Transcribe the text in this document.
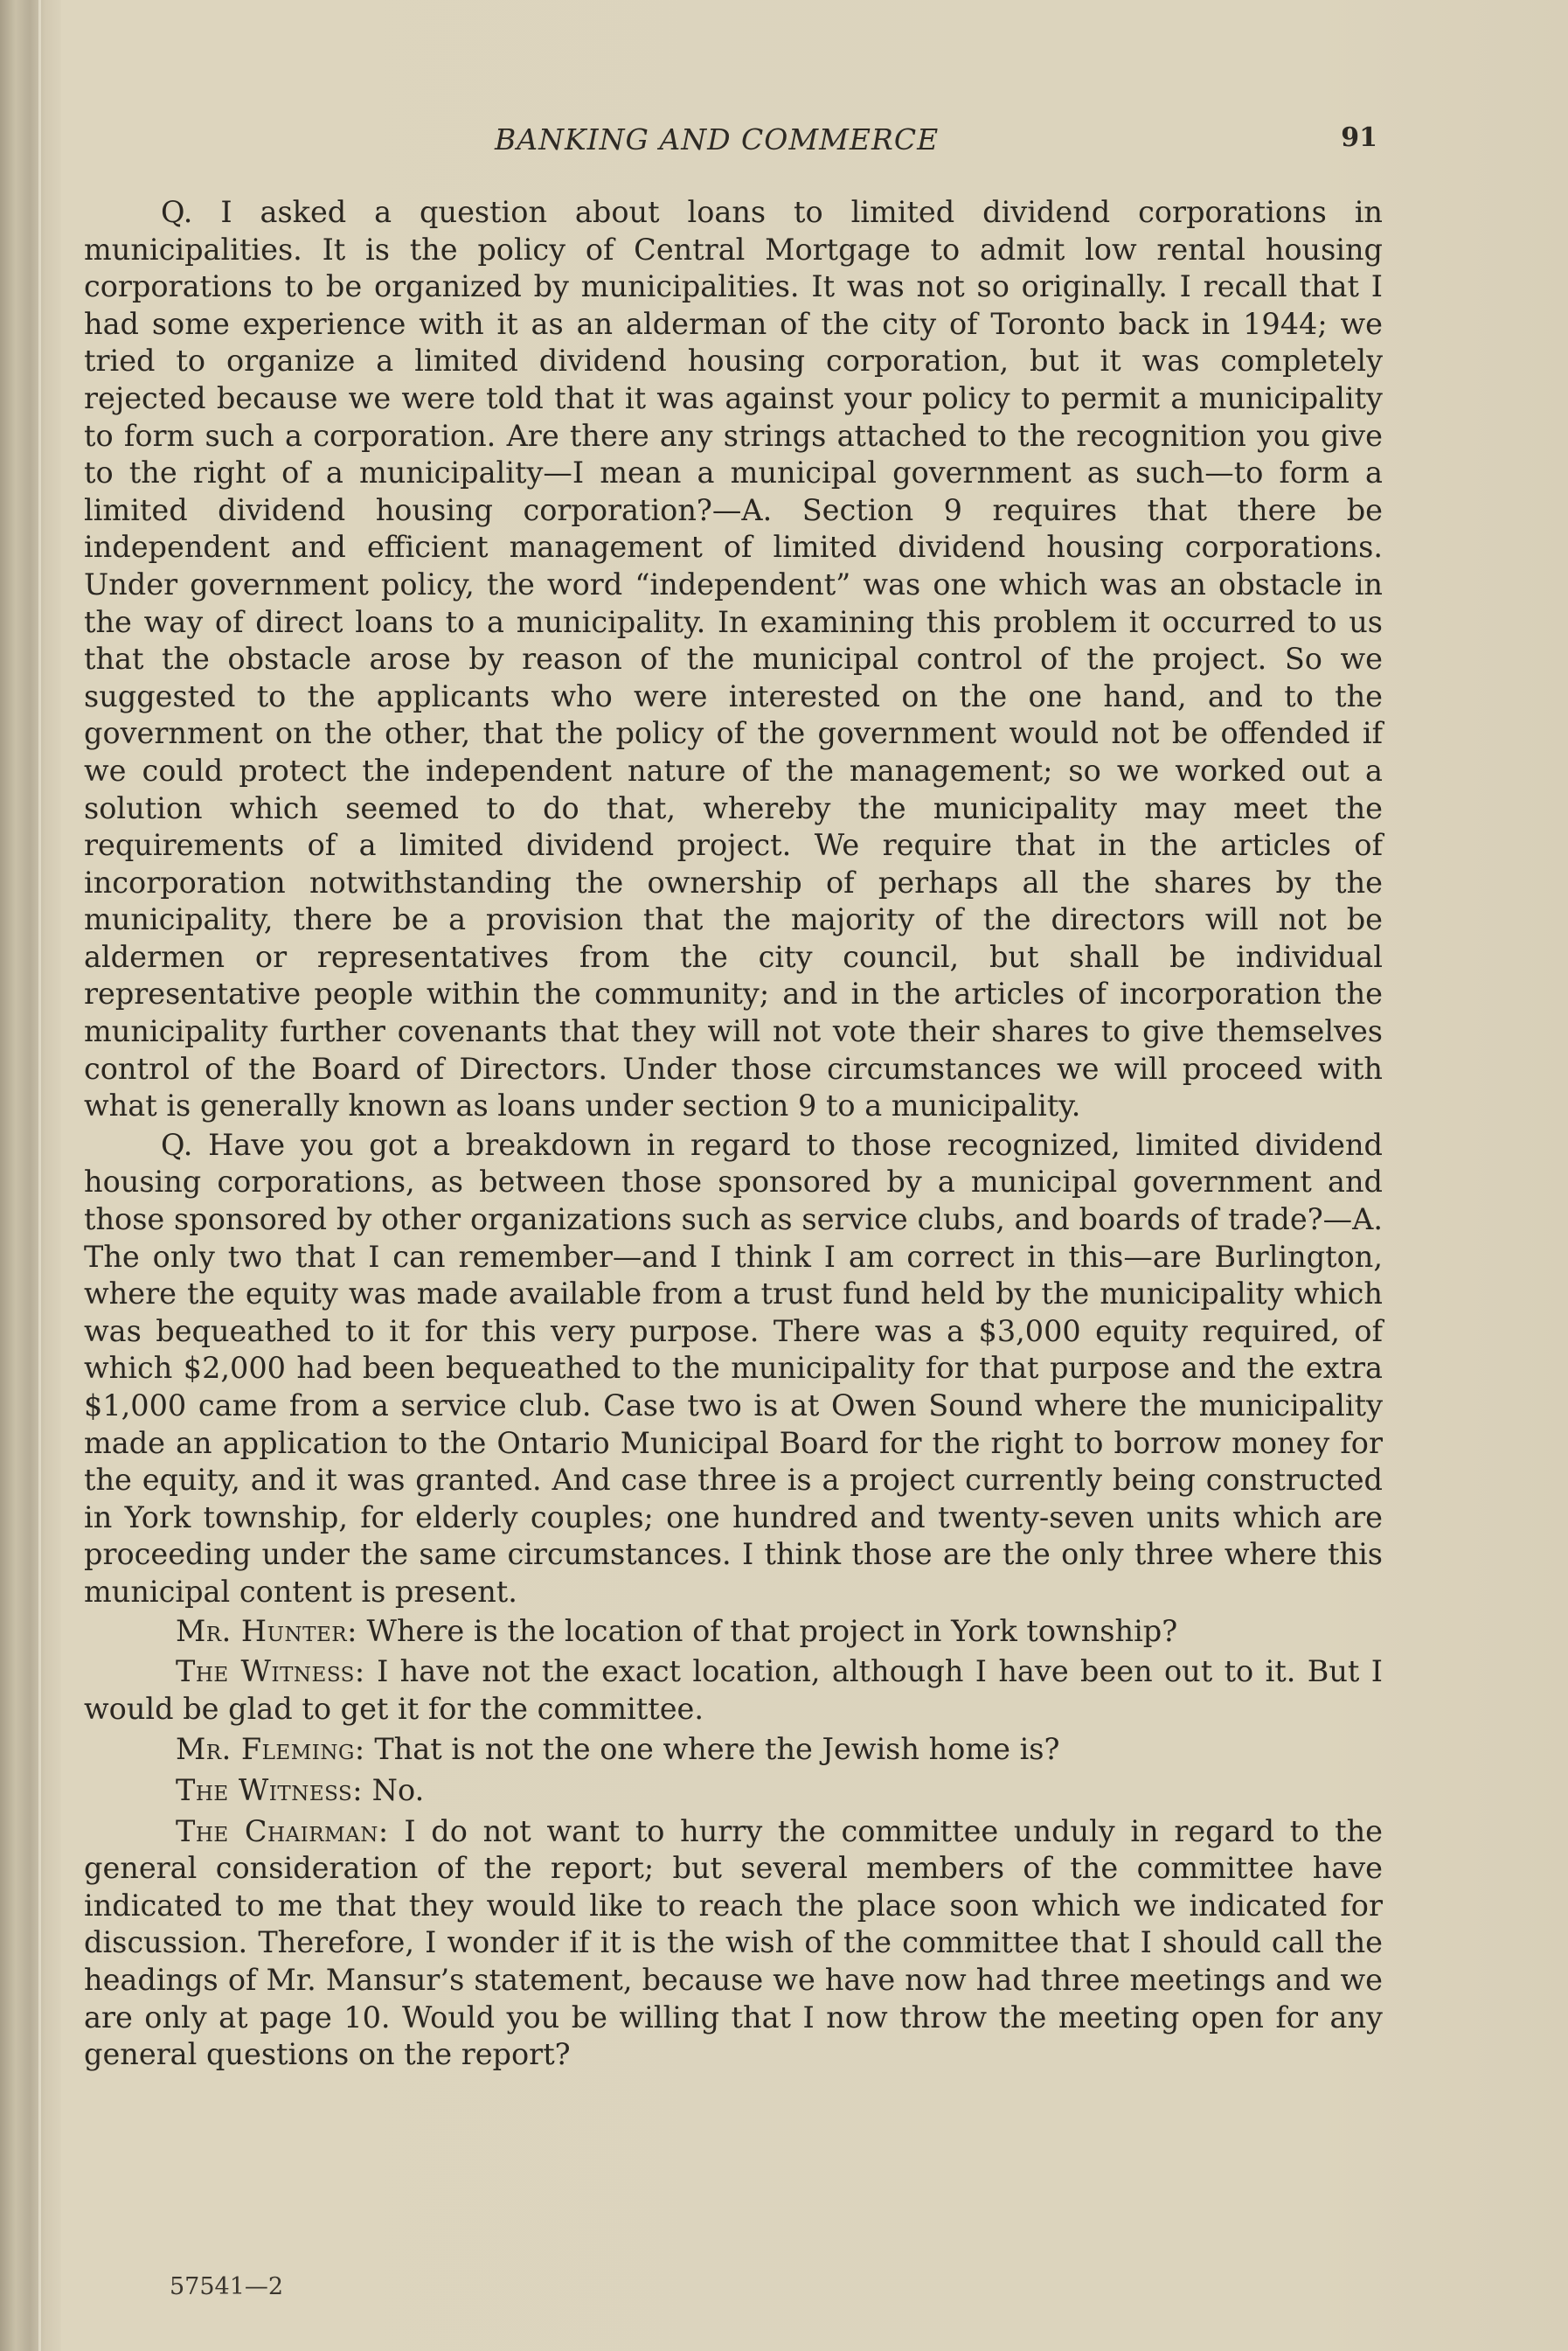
BANKING AND COMMERCE	91

Q. I asked a question about loans to limited dividend corporations in municipalities. It is the policy of Central Mortgage to admit low rental housing corporations to be organized by municipalities. It was not so originally. I recall that I had some experience with it as an alderman of the city of Toronto back in 1944; we tried to organize a limited dividend housing corporation, but it was completely rejected because we were told that it was against your policy to permit a municipality to form such a corporation. Are there any strings attached to the recognition you give to the right of a municipality—I mean a municipal government as such—to form a limited dividend housing corporation?—A. Section 9 requires that there be independent and efficient management of limited dividend housing corporations. Under government policy, the word “independent” was one which was an obstacle in the way of direct loans to a municipality. In examining this problem it occurred to us that the obstacle arose by reason of the municipal control of the project. So we suggested to the applicants who were interested on the one hand, and to the government on the other, that the policy of the government would not be offended if we could protect the independent nature of the management; so we worked out a solution which seemed to do that, whereby the municipality may meet the requirements of a limited dividend project. We require that in the articles of incorporation notwithstanding the ownership of perhaps all the shares by the municipality, there be a provision that the majority of the directors will not be aldermen or representatives from the city council, but shall be individual representative people within the community; and in the articles of incorporation the municipality further covenants that they will not vote their shares to give themselves control of the Board of Directors. Under those circumstances we will proceed with what is generally known as loans under section 9 to a municipality.

Q. Have you got a breakdown in regard to those recognized, limited dividend housing corporations, as between those sponsored by a municipal government and those sponsored by other organizations such as service clubs, and boards of trade?—A. The only two that I can remember—and I think I am correct in this—are Burlington, where the equity was made available from a trust fund held by the municipality which was bequeathed to it for this very purpose. There was a $3,000 equity required, of which $2,000 had been bequeathed to the municipality for that purpose and the extra $1,000 came from a service club. Case two is at Owen Sound where the municipality made an application to the Ontario Municipal Board for the right to borrow money for the equity, and it was granted. And case three is a project currently being constructed in York township, for elderly couples; one hundred and twenty-seven units which are proceeding under the same circumstances. I think those are the only three where this municipal content is present.

Mr. Hunter: Where is the location of that project in York township?

The Witness: I have not the exact location, although I have been out to it. But I would be glad to get it for the committee.

Mr. Fleming: That is not the one where the Jewish home is?

The Witness: No.

The Chairman: I do not want to hurry the committee unduly in regard to the general consideration of the report; but several members of the committee have indicated to me that they would like to reach the place soon which we indicated for discussion. Therefore, I wonder if it is the wish of the committee that I should call the headings of Mr. Mansur’s statement, because we have now had three meetings and we are only at page 10. Would you be willing that I now throw the meeting open for any general questions on the report?

57541—2
